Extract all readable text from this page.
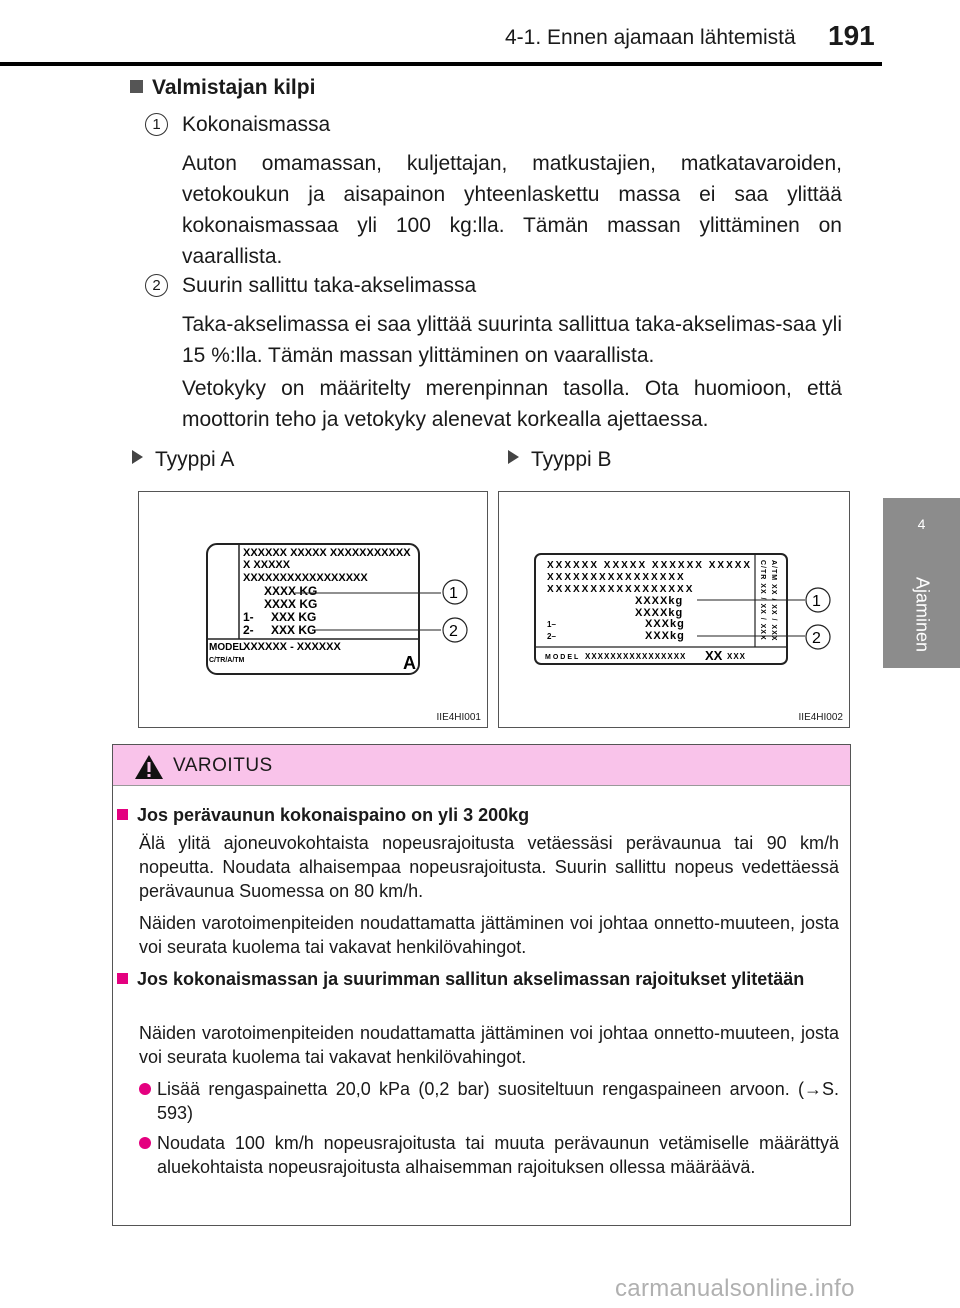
4-1. Ennen ajamaan lähtemistä 191
4
Ajaminen
Valmistajan kilpi
1	Kokonaismassa
Auton omamassan, kuljettajan, matkustajien, matkatavaroiden, vetokoukun ja aisapainon yhteenlaskettu massa ei saa ylittää kokonaismassaa yli 100 kg:lla. Tämän massan ylittäminen on vaarallista.
2	Suurin sallittu taka-akselimassa
Taka-akselimassa ei saa ylittää suurinta sallittua taka-akselimas-saa yli 15 %:lla. Tämän massan ylittäminen on vaarallista.
Vetokyky on määritelty merenpinnan tasolla. Ota huomioon, että moottorin teho ja vetokyky alenevat korkealla ajettaessa.
Tyyppi A	Tyyppi B
XXXXXX XXXXX XXXXXXXXXXX
X XXXXX
XXXXXXXXXXXXXXXXX
XXXX KG
XXXX KG
1- XXX KG
2- XXX KG
MODEL
XXXXXX - XXXXXX
C/TR/A/TM	A
1
2
IIE4HI001
XXXXXX XXXXX XXXXXX XXXXX
XXXXXXXXXXXXXXXX
XXXXXXXXXXXXXXXXX
XXXXkg
XXXXkg
1–	XXXkg
2–	XXXkg
MODEL XXXXXXXXXXXXXXXX XX XXX
C/TR XX / XX / XXX A/TM XX / XX / XXX 1
2
IIE4HI002
VAROITUS
Jos perävaunun kokonaispaino on yli 3 200kg
Älä ylitä ajoneuvokohtaista nopeusrajoitusta vetäessäsi perävaunua tai 90 km/h nopeutta. Noudata alhaisempaa nopeusrajoitusta. Suurin sallittu nopeus vedettäessä perävaunua Suomessa on 80 km/h.
Näiden varotoimenpiteiden noudattamatta jättäminen voi johtaa onnetto-muuteen, josta voi seurata kuolema tai vakavat henkilövahingot.
Jos kokonaismassan ja suurimman sallitun akselimassan rajoitukset ylitetään
Näiden varotoimenpiteiden noudattamatta jättäminen voi johtaa onnetto-muuteen, josta voi seurata kuolema tai vakavat henkilövahingot.
Lisää rengaspainetta 20,0 kPa (0,2 bar) suositeltuun rengaspaineen arvoon. (→S. 593)
Noudata 100 km/h nopeusrajoitusta tai muuta perävaunun vetämiselle määrättyä aluekohtaista nopeusrajoitusta alhaisemman rajoituksen ollessa määräävä.
carmanualsonline.info
